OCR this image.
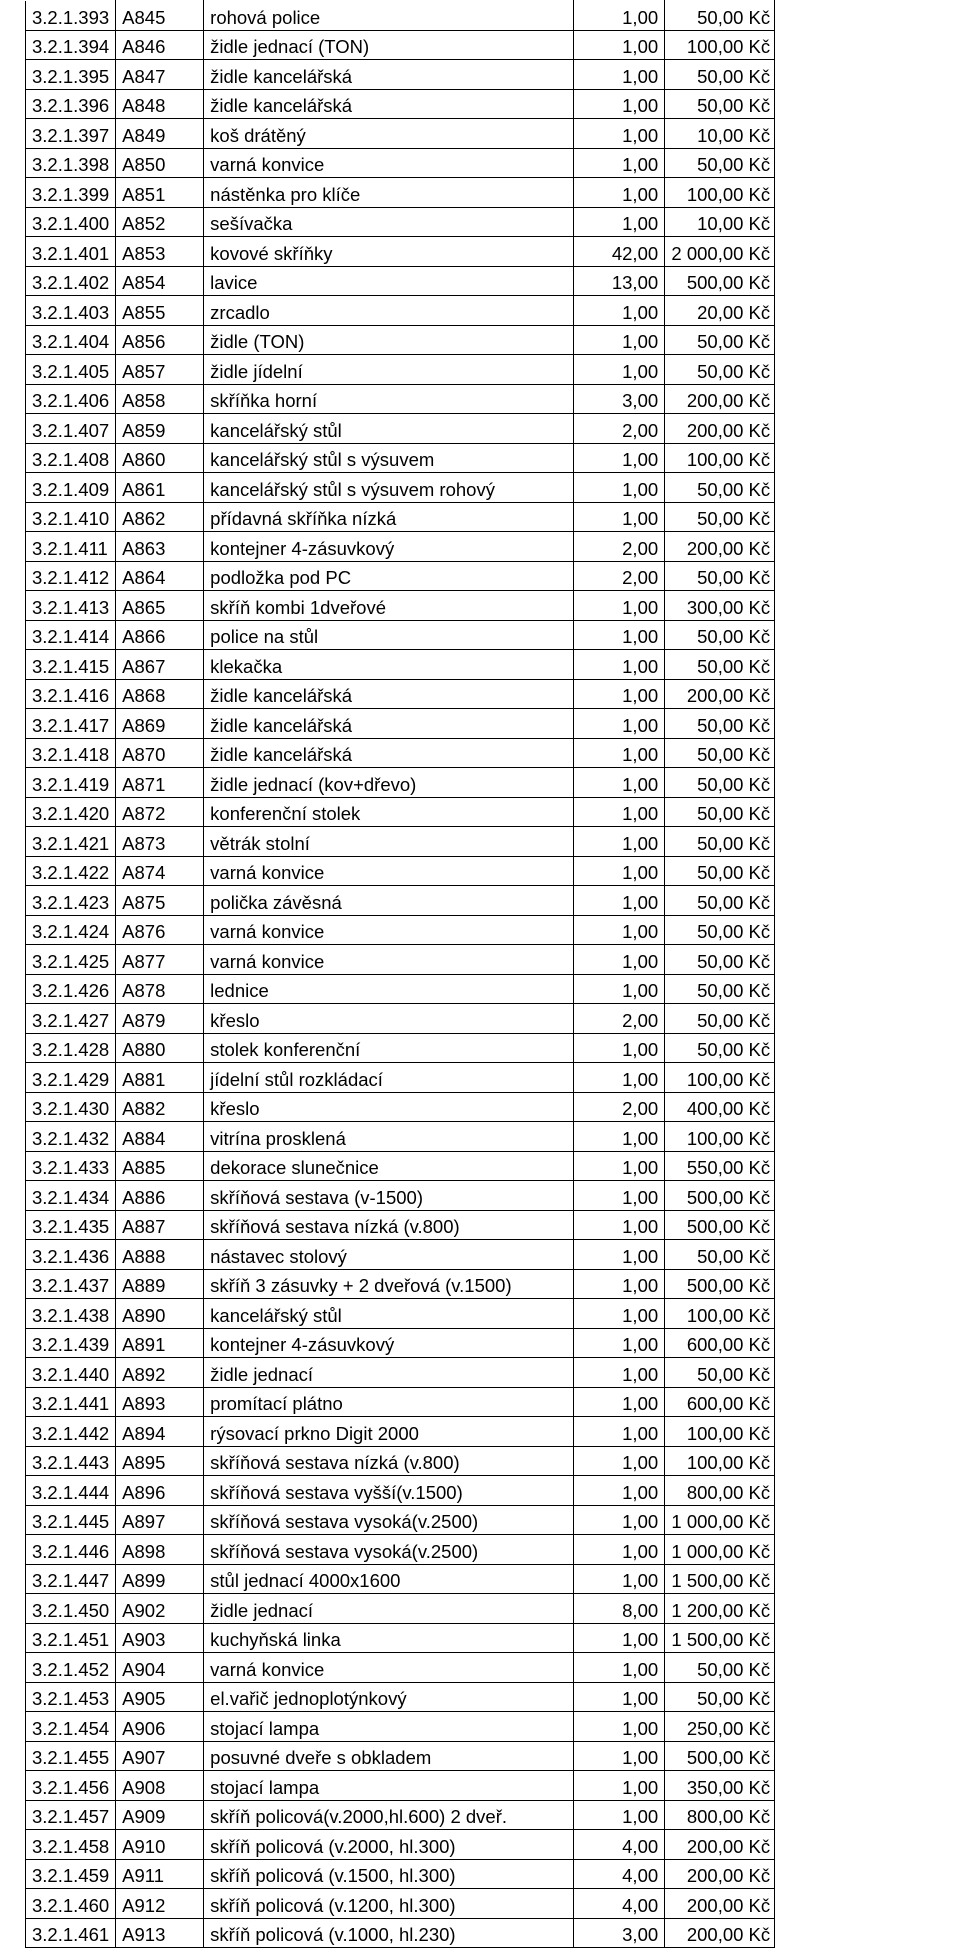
3.2.1.393	A845	rohová police	1,00	50,00 Kč
3.2.1.394	A846	židle jednací (TON)	1,00	100,00 Kč
3.2.1.395	A847	židle kancelářská	1,00	50,00 Kč
3.2.1.396	A848	židle kancelářská	1,00	50,00 Kč
3.2.1.397	A849	koš drátěný	1,00	10,00 Kč
3.2.1.398	A850	varná konvice	1,00	50,00 Kč
3.2.1.399	A851	nástěnka pro klíče	1,00	100,00 Kč
3.2.1.400	A852	sešívačka	1,00	10,00 Kč
3.2.1.401	A853	kovové skříňky	42,00	2 000,00 Kč
3.2.1.402	A854	lavice	13,00	500,00 Kč
3.2.1.403	A855	zrcadlo	1,00	20,00 Kč
3.2.1.404	A856	židle (TON)	1,00	50,00 Kč
3.2.1.405	A857	židle jídelní	1,00	50,00 Kč
3.2.1.406	A858	skříňka horní	3,00	200,00 Kč
3.2.1.407	A859	kancelářský stůl	2,00	200,00 Kč
3.2.1.408	A860	kancelářský stůl s výsuvem	1,00	100,00 Kč
3.2.1.409	A861	kancelářský stůl s výsuvem rohový	1,00	50,00 Kč
3.2.1.410	A862	přídavná skříňka nízká	1,00	50,00 Kč
3.2.1.411	A863	kontejner 4-zásuvkový	2,00	200,00 Kč
3.2.1.412	A864	podložka pod PC	2,00	50,00 Kč
3.2.1.413	A865	skříň kombi 1dveřové	1,00	300,00 Kč
3.2.1.414	A866	police na stůl	1,00	50,00 Kč
3.2.1.415	A867	klekačka	1,00	50,00 Kč
3.2.1.416	A868	židle kancelářská	1,00	200,00 Kč
3.2.1.417	A869	židle kancelářská	1,00	50,00 Kč
3.2.1.418	A870	židle kancelářská	1,00	50,00 Kč
3.2.1.419	A871	židle jednací (kov+dřevo)	1,00	50,00 Kč
3.2.1.420	A872	konferenční stolek	1,00	50,00 Kč
3.2.1.421	A873	větrák stolní	1,00	50,00 Kč
3.2.1.422	A874	varná konvice	1,00	50,00 Kč
3.2.1.423	A875	polička závěsná	1,00	50,00 Kč
3.2.1.424	A876	varná konvice	1,00	50,00 Kč
3.2.1.425	A877	varná konvice	1,00	50,00 Kč
3.2.1.426	A878	lednice	1,00	50,00 Kč
3.2.1.427	A879	křeslo	2,00	50,00 Kč
3.2.1.428	A880	stolek konferenční	1,00	50,00 Kč
3.2.1.429	A881	jídelní stůl rozkládací	1,00	100,00 Kč
3.2.1.430	A882	křeslo	2,00	400,00 Kč
3.2.1.432	A884	vitrína prosklená	1,00	100,00 Kč
3.2.1.433	A885	dekorace slunečnice	1,00	550,00 Kč
3.2.1.434	A886	skříňová sestava (v-1500)	1,00	500,00 Kč
3.2.1.435	A887	skříňová sestava nízká (v.800)	1,00	500,00 Kč
3.2.1.436	A888	nástavec stolový	1,00	50,00 Kč
3.2.1.437	A889	skříň 3 zásuvky + 2 dveřová (v.1500)	1,00	500,00 Kč
3.2.1.438	A890	kancelářský stůl	1,00	100,00 Kč
3.2.1.439	A891	kontejner 4-zásuvkový	1,00	600,00 Kč
3.2.1.440	A892	židle jednací	1,00	50,00 Kč
3.2.1.441	A893	promítací plátno	1,00	600,00 Kč
3.2.1.442	A894	rýsovací prkno Digit 2000	1,00	100,00 Kč
3.2.1.443	A895	skříňová sestava nízká (v.800)	1,00	100,00 Kč
3.2.1.444	A896	skříňová sestava vyšší(v.1500)	1,00	800,00 Kč
3.2.1.445	A897	skříňová sestava vysoká(v.2500)	1,00	1 000,00 Kč
3.2.1.446	A898	skříňová sestava vysoká(v.2500)	1,00	1 000,00 Kč
3.2.1.447	A899	stůl jednací 4000x1600	1,00	1 500,00 Kč
3.2.1.450	A902	židle jednací	8,00	1 200,00 Kč
3.2.1.451	A903	kuchyňská linka	1,00	1 500,00 Kč
3.2.1.452	A904	varná konvice	1,00	50,00 Kč
3.2.1.453	A905	el.vařič jednoplotýnkový	1,00	50,00 Kč
3.2.1.454	A906	stojací lampa	1,00	250,00 Kč
3.2.1.455	A907	posuvné dveře s obkladem	1,00	500,00 Kč
3.2.1.456	A908	stojací lampa	1,00	350,00 Kč
3.2.1.457	A909	skříň policová(v.2000,hl.600) 2 dveř.	1,00	800,00 Kč
3.2.1.458	A910	skříň policová (v.2000, hl.300)	4,00	200,00 Kč
3.2.1.459	A911	skříň policová (v.1500, hl.300)	4,00	200,00 Kč
3.2.1.460	A912	skříň policová (v.1200, hl.300)	4,00	200,00 Kč
3.2.1.461	A913	skříň policová (v.1000, hl.230)	3,00	200,00 Kč
